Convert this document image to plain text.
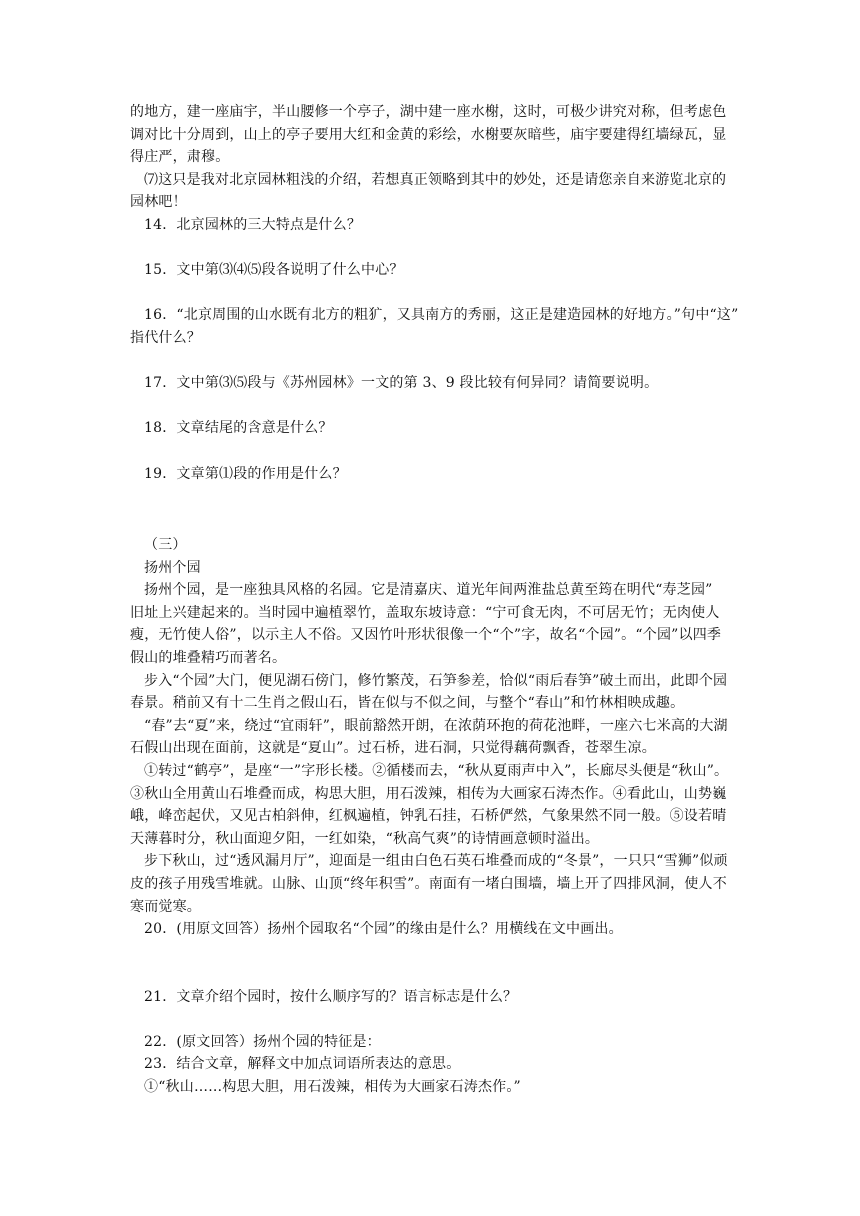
的地方，建一座庙宇，半山腰修一个亭子，湖中建一座水榭，这时，可极少讲究对称，但考虑色
调对比十分周到，山上的亭子要用大红和金黄的彩绘，水榭要灰暗些，庙宇要建得红墙绿瓦，显
得庄严，肃穆。
⑺这只是我对北京园林粗浅的介绍，若想真正领略到其中的妙处，还是请您亲自来游览北京的
园林吧！
14．北京园林的三大特点是什么？
15．文中第⑶⑷⑸段各说明了什么中心？
16．“北京周围的山水既有北方的粗犷，又具南方的秀丽，这正是建造园林的好地方。”句中“这”
指代什么？
17．文中第⑶⑸段与《苏州园林》一文的第 3、9 段比较有何异同？请简要说明。
18．文章结尾的含意是什么？
19．文章第⑴段的作用是什么？
（三）
扬州个园
扬州个园，是一座独具风格的名园。它是清嘉庆、道光年间两淮盐总黄至筠在明代“寿芝园”
旧址上兴建起来的。当时园中遍植翠竹，盖取东坡诗意：“宁可食无肉，不可居无竹；无肉使人
瘦，无竹使人俗”，以示主人不俗。又因竹叶形状很像一个“个”字，故名“个园”。“个园”以四季
假山的堆叠精巧而著名。
步入“个园”大门，便见湖石傍门，修竹繁茂，石笋参差，恰似“雨后春笋”破土而出，此即个园
春景。稍前又有十二生肖之假山石，皆在似与不似之间，与整个“春山”和竹林相映成趣。
“春”去“夏”来，绕过“宜雨轩”，眼前豁然开朗，在浓荫环抱的荷花池畔，一座六七米高的大湖
石假山出现在面前，这就是“夏山”。过石桥，进石洞，只觉得藕荷飘香，苍翠生凉。
①转过“鹤亭”，是座“一”字形长楼。②循楼而去，“秋从夏雨声中入”，长廊尽头便是“秋山”。
③秋山全用黄山石堆叠而成，构思大胆，用石泼辣，相传为大画家石涛杰作。④看此山，山势巍
峨，峰峦起伏，又见古柏斜伸，红枫遍植，钟乳石挂，石桥俨然，气象果然不同一般。⑤设若晴
天薄暮时分，秋山面迎夕阳，一红如染，“秋高气爽”的诗情画意顿时溢出。
步下秋山，过“透风漏月厅”，迎面是一组由白色石英石堆叠而成的“冬景”，一只只“雪狮”似顽
皮的孩子用残雪堆就。山脉、山顶“终年积雪”。南面有一堵白围墙，墙上开了四排风洞，使人不
寒而觉寒。
20．(用原文回答）扬州个园取名“个园”的缘由是什么？用横线在文中画出。
21．文章介绍个园时，按什么顺序写的？语言标志是什么？
22．(原文回答）扬州个园的特征是：
23．结合文章，解释文中加点词语所表达的意思。
①“秋山……构思大胆，用石泼辣，相传为大画家石涛杰作。”
